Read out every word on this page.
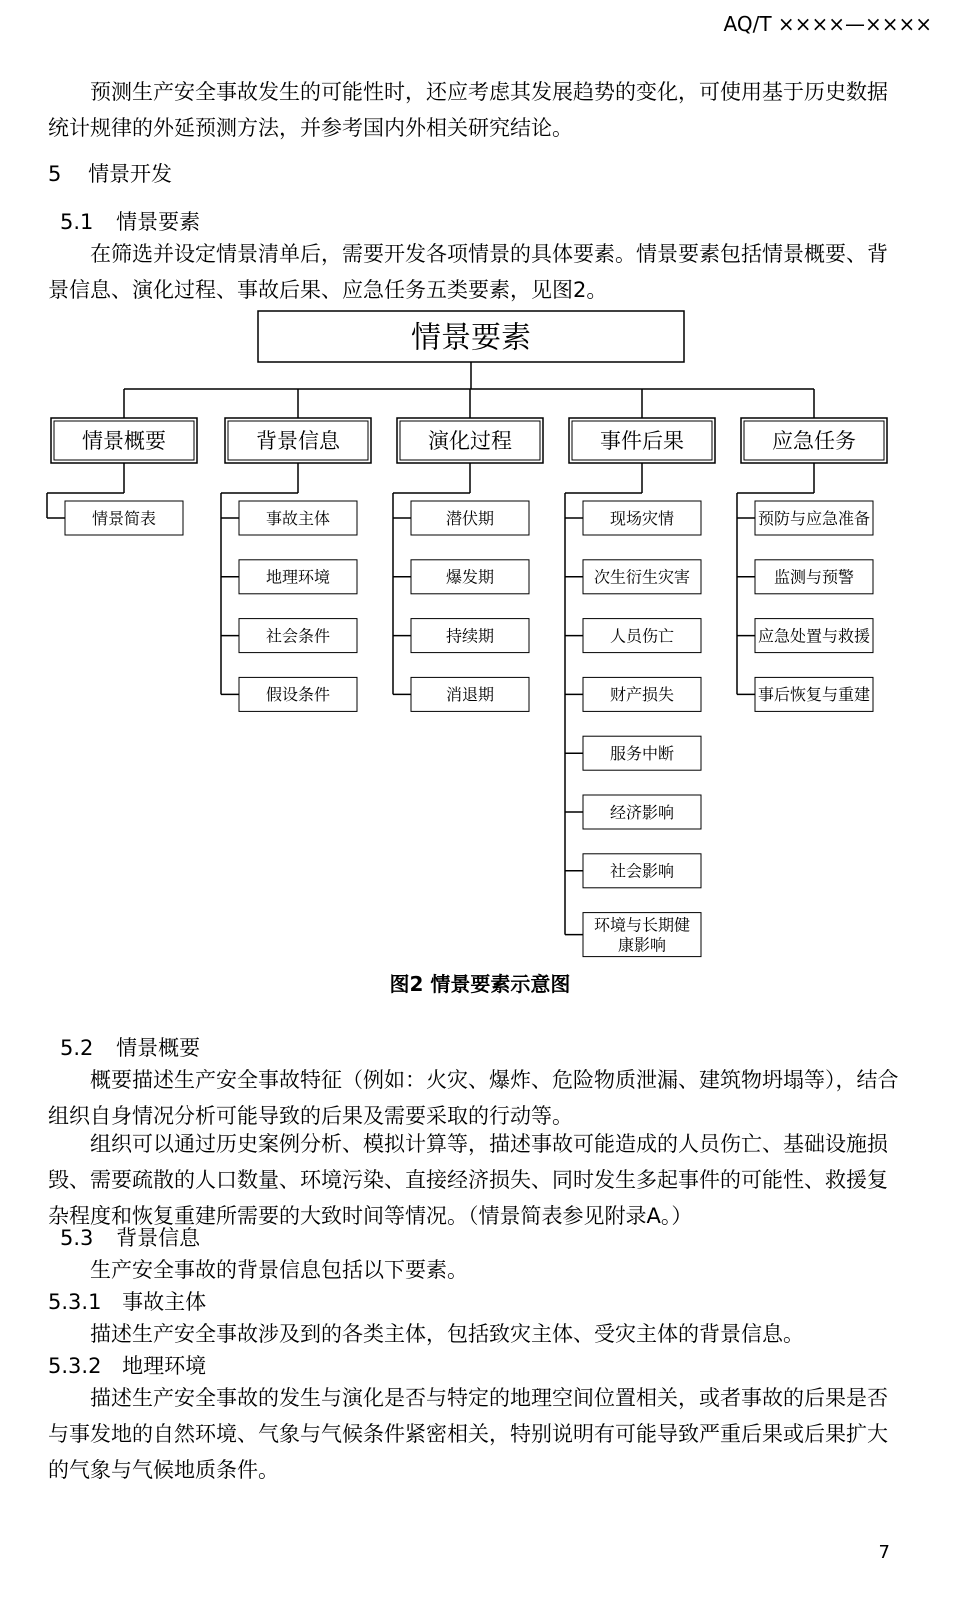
AQ/T ××××—××××

预测生产安全事故发生的可能性时，还应考虑其发展趋势的变化，可使用基于历史数据统计规律的外延预测方法，并参考国内外相关研究结论。

5 情景开发
5.1 情景要素

在筛选并设定情景清单后，需要开发各项情景的具体要素。情景要素包括情景概要、背景信息、演化过程、事故后果、应急任务五类要素，见图2。

情景要素
情景概要
情景简表
背景信息
事故主体
地理环境
社会条件
假设条件
演化过程
潜伏期
爆发期
持续期
消退期
事件后果
现场灾情
次生衍生灾害
人员伤亡
财产损失
服务中断
经济影响
社会影响
环境与长期健康影响
应急任务
预防与应急准备
监测与预警
应急处置与救援
事后恢复与重建
图2 情景要素示意图
5.2 情景概要

概要描述生产安全事故特征（例如：火灾、爆炸、危险物质泄漏、建筑物坍塌等），结合组织自身情况分析可能导致的后果及需要采取的行动等。

组织可以通过历史案例分析、模拟计算等，描述事故可能造成的人员伤亡、基础设施损毁、需要疏散的人口数量、环境污染、直接经济损失、同时发生多起事件的可能性、救援复杂程度和恢复重建所需要的大致时间等情况。（情景简表参见附录A。）

5.3 背景信息

生产安全事故的背景信息包括以下要素。

5.3.1 事故主体

描述生产安全事故涉及到的各类主体，包括致灾主体、受灾主体的背景信息。

5.3.2 地理环境

描述生产安全事故的发生与演化是否与特定的地理空间位置相关，或者事故的后果是否与事发地的自然环境、气象与气候条件紧密相关，特别说明有可能导致严重后果或后果扩大的气象与气候地质条件。

7
